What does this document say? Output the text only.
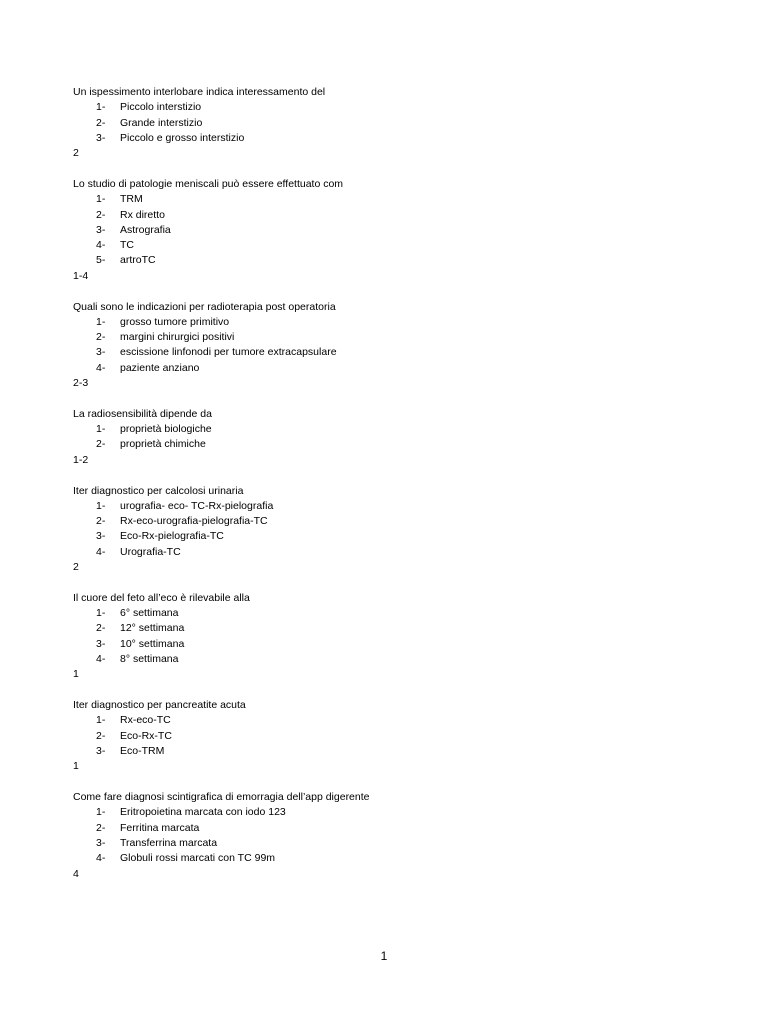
Un ispessimento interlobare indica interessamento del
1- Piccolo interstizio
2- Grande interstizio
3- Piccolo e grosso interstizio
2
Lo studio di patologie meniscali può essere effettuato com
1- TRM
2- Rx diretto
3- Astrografia
4- TC
5- artroTC
1-4
Quali sono le indicazioni per radioterapia post operatoria
1- grosso tumore primitivo
2- margini chirurgici positivi
3- escissione linfonodi per tumore extracapsulare
4- paziente anziano
2-3
La radiosensibilità dipende da
1- proprietà biologiche
2- proprietà chimiche
1-2
Iter diagnostico per calcolosi urinaria
1- urografia- eco- TC-Rx-pielografia
2- Rx-eco-urografia-pielografia-TC
3- Eco-Rx-pielografia-TC
4- Urografia-TC
2
Il cuore del feto all’eco è rilevabile alla
1- 6° settimana
2- 12° settimana
3- 10° settimana
4- 8° settimana
1
Iter diagnostico per pancreatite acuta
1- Rx-eco-TC
2- Eco-Rx-TC
3- Eco-TRM
1
Come fare diagnosi scintigrafica di emorragia dell’app digerente
1- Eritropoietina marcata con iodo 123
2- Ferritina marcata
3- Transferrina marcata
4- Globuli rossi marcati con TC 99m
4
1
